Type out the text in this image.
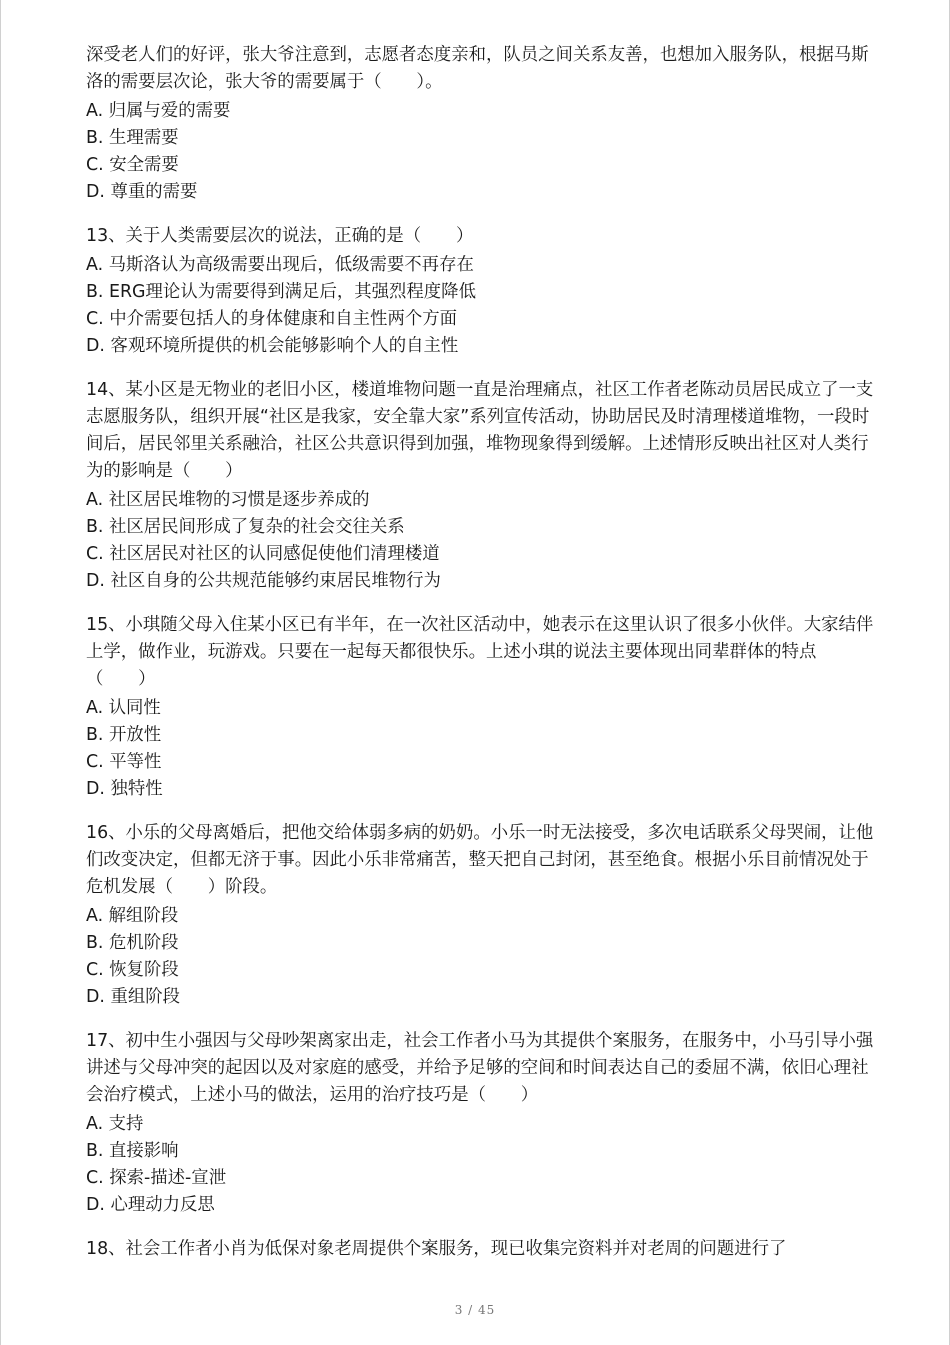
深受老人们的好评，张大爷注意到，志愿者态度亲和，队员之间关系友善，也想加入服务队，根据马斯洛的需要层次论，张大爷的需要属于（　　）。

A. 归属与爱的需要

B. 生理需要

C. 安全需要

D. 尊重的需要

13、关于人类需要层次的说法，正确的是（　　）

A. 马斯洛认为高级需要出现后，低级需要不再存在

B. ERG理论认为需要得到满足后，其强烈程度降低

C. 中介需要包括人的身体健康和自主性两个方面

D. 客观环境所提供的机会能够影响个人的自主性

14、某小区是无物业的老旧小区，楼道堆物问题一直是治理痛点，社区工作者老陈动员居民成立了一支志愿服务队，组织开展“社区是我家，安全靠大家”系列宣传活动，协助居民及时清理楼道堆物，一段时间后，居民邻里关系融洽，社区公共意识得到加强，堆物现象得到缓解。上述情形反映出社区对人类行为的影响是（　　）

A. 社区居民堆物的习惯是逐步养成的

B. 社区居民间形成了复杂的社会交往关系

C. 社区居民对社区的认同感促使他们清理楼道

D. 社区自身的公共规范能够约束居民堆物行为

15、小琪随父母入住某小区已有半年，在一次社区活动中，她表示在这里认识了很多小伙伴。大家结伴上学，做作业，玩游戏。只要在一起每天都很快乐。上述小琪的说法主要体现出同辈群体的特点（　　）

A. 认同性

B. 开放性

C. 平等性

D. 独特性

16、小乐的父母离婚后，把他交给体弱多病的奶奶。小乐一时无法接受，多次电话联系父母哭闹，让他们改变决定，但都无济于事。因此小乐非常痛苦，整天把自己封闭，甚至绝食。根据小乐目前情况处于危机发展（　　）阶段。

A. 解组阶段

B. 危机阶段

C. 恢复阶段

D. 重组阶段

17、初中生小强因与父母吵架离家出走，社会工作者小马为其提供个案服务，在服务中，小马引导小强讲述与父母冲突的起因以及对家庭的感受，并给予足够的空间和时间表达自己的委屈不满，依旧心理社会治疗模式，上述小马的做法，运用的治疗技巧是（　　）

A. 支持

B. 直接影响

C. 探索-描述-宣泄

D. 心理动力反思

18、社会工作者小肖为低保对象老周提供个案服务，现已收集完资料并对老周的问题进行了

3 / 45
